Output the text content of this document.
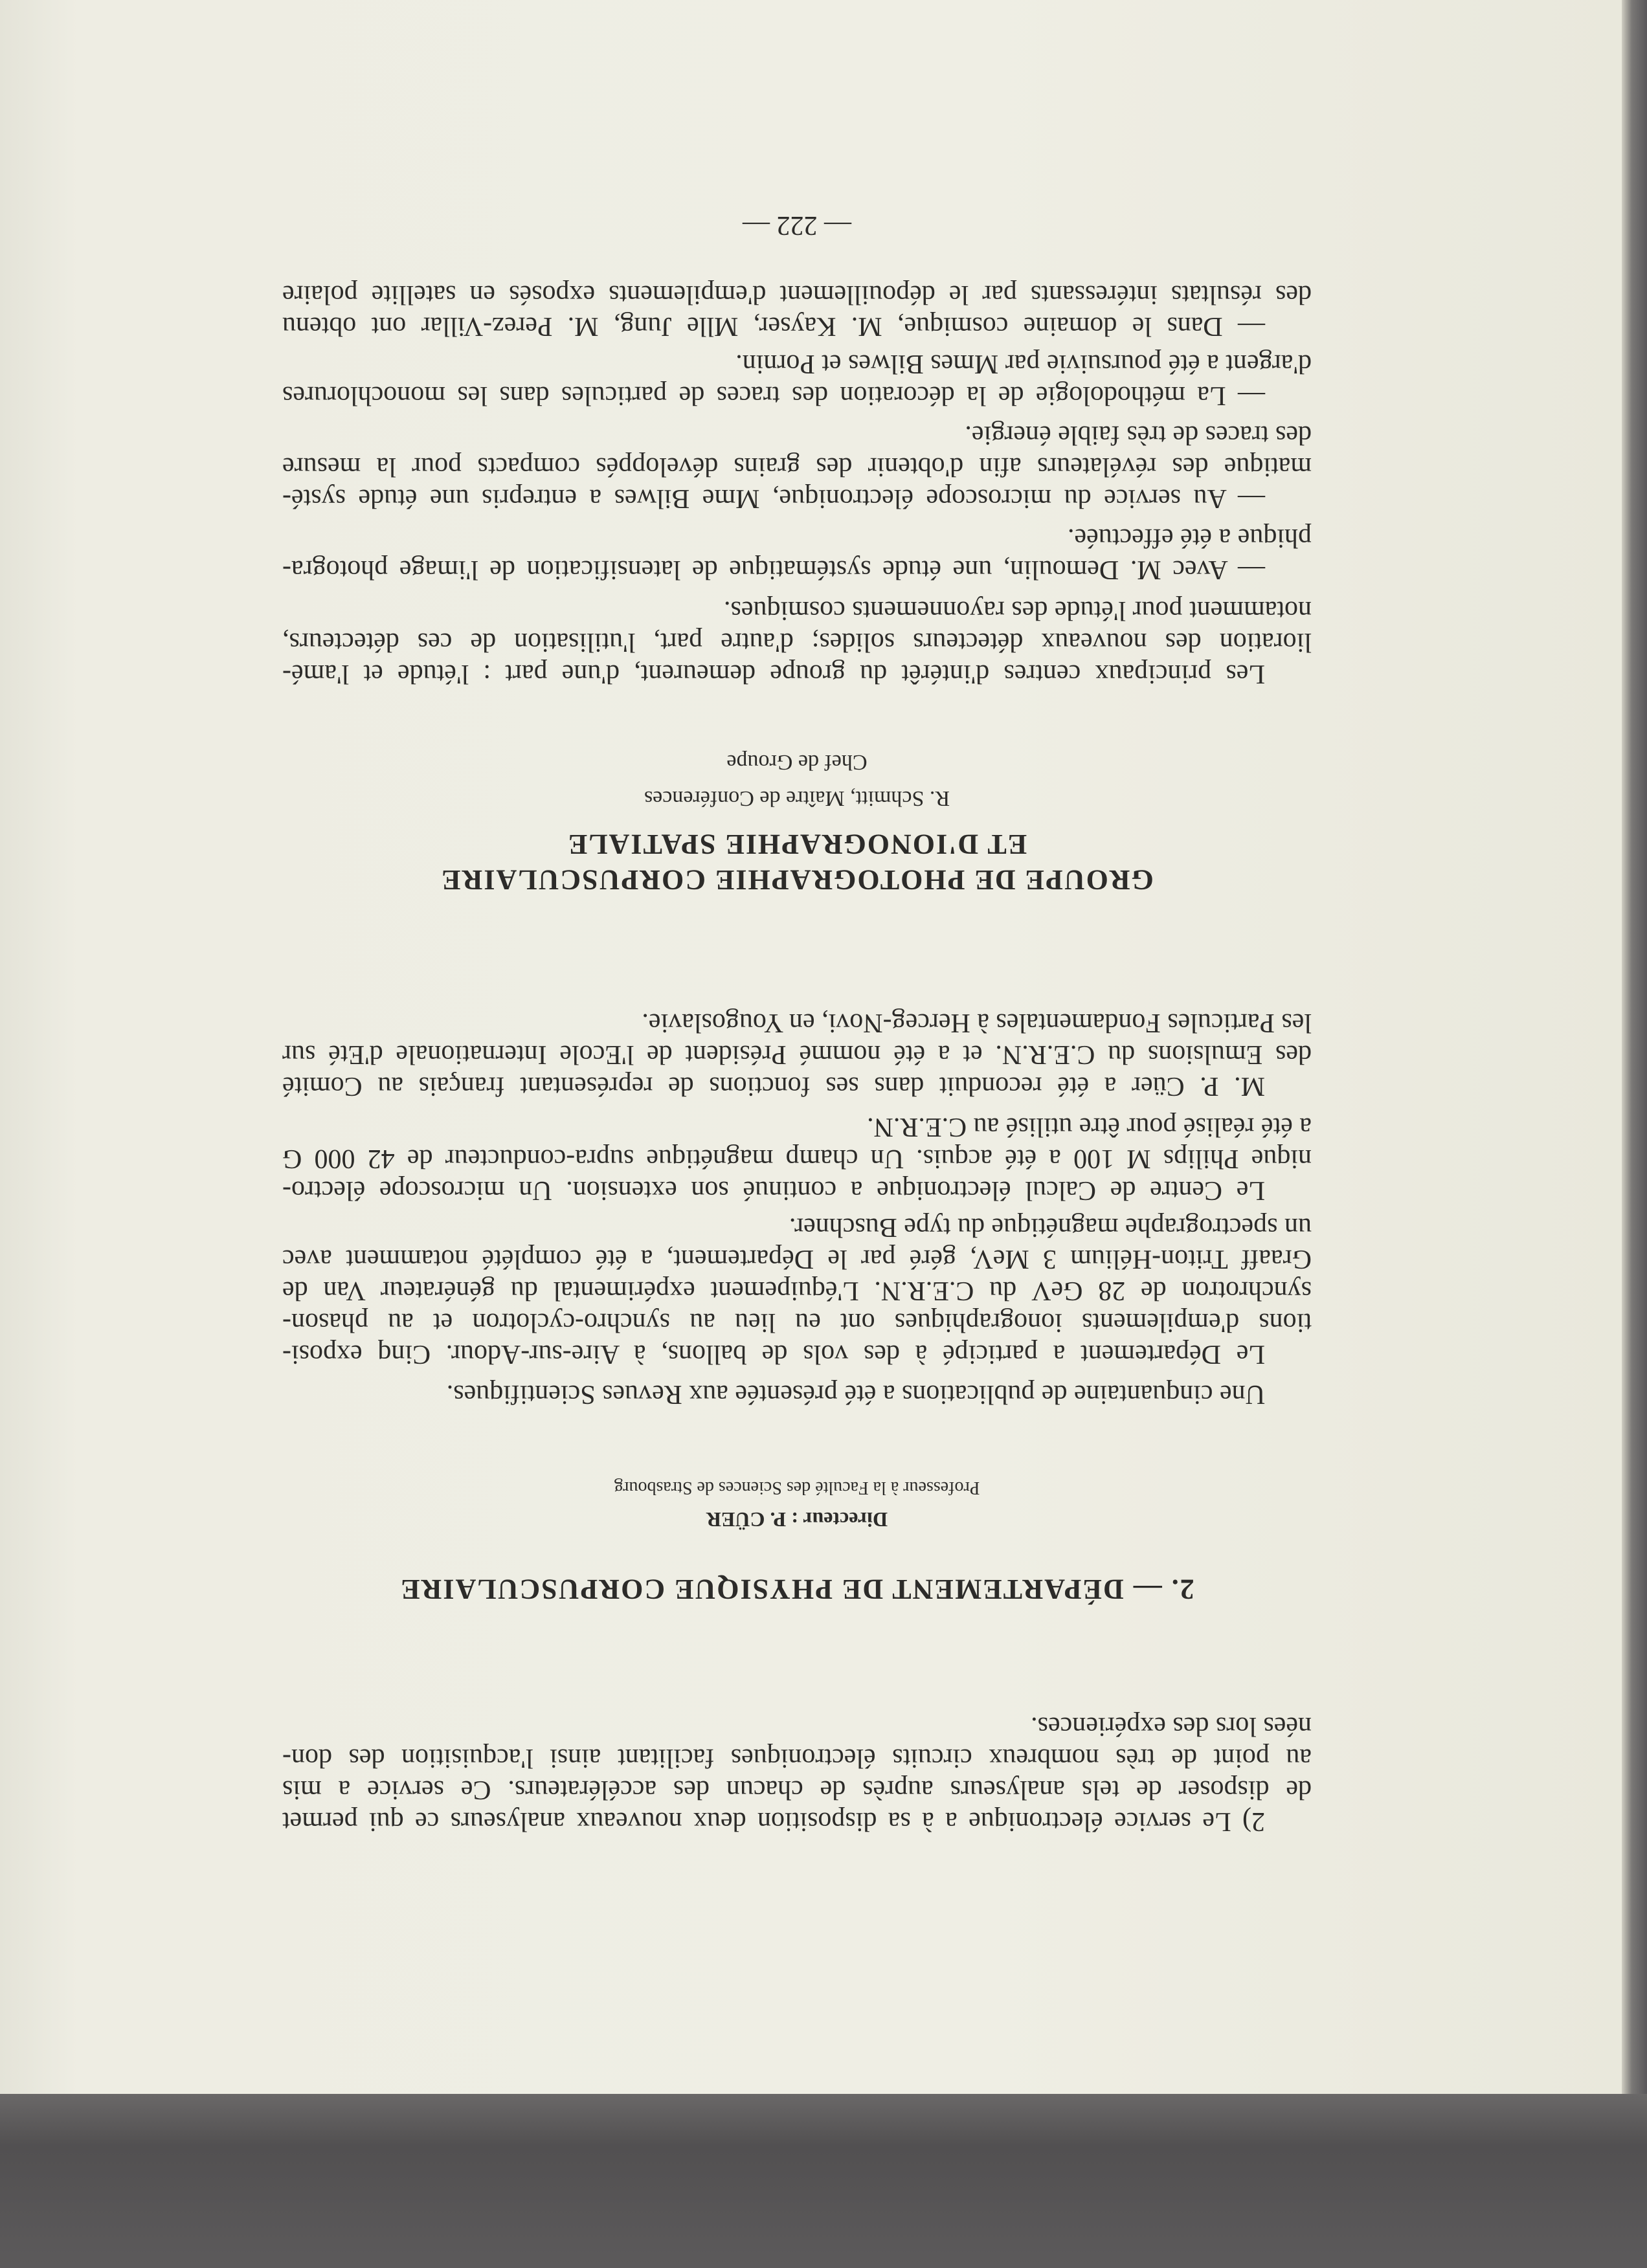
2) Le service électronique a à sa disposition deux nouveaux analyseurs ce qui permet
de disposer de tels analyseurs auprès de chacun des accélérateurs. Ce service a mis
au point de très nombreux circuits électroniques facilitant ainsi l'acquisition des don-
nées lors des expériences.
2. — DÉPARTEMENT DE PHYSIQUE CORPUSCULAIRE
Directeur : P. CÜER
Professeur à la Faculté des Sciences de Strasbourg
Une cinquantaine de publications a été présentée aux Revues Scientifiques.
Le Département a participé à des vols de ballons, à Aire-sur-Adour. Cinq exposi-
tions d'empilements ionographiques ont eu lieu au synchro-cyclotron et au phason-
synchrotron de 28 GeV du C.E.R.N. L'équipement expérimental du générateur Van de
Graaff Triton-Hélium 3 MeV, géré par le Département, a été complété notamment avec
un spectrographe magnétique du type Buschner.
Le Centre de Calcul électronique a continué son extension. Un microscope électro-
nique Philips M 100 a été acquis. Un champ magnétique supra-conducteur de 42 000 G
a été réalisé pour être utilisé au C.E.R.N.
M. P. Cüer a été reconduit dans ses fonctions de représentant français au Comité
des Emulsions du C.E.R.N. et a été nommé Président de l'Ecole Internationale d'Eté sur
les Particules Fondamentales à Herceg-Novi, en Yougoslavie.
GROUPE DE PHOTOGRAPHIE CORPUSCULAIRE
ET D'IONOGRAPHIE SPATIALE
R. Schmitt, Maître de Conférences
Chef de Groupe
Les principaux centres d'intérêt du groupe demeurent, d'une part : l'étude et l'amé-
lioration des nouveaux détecteurs solides; d'autre part, l'utilisation de ces détecteurs,
notamment pour l'étude des rayonnements cosmiques.
— Avec M. Demoulin, une étude systématique de latensification de l'image photogra-
phique a été effectuée.
— Au service du microscope électronique, Mme Bilwes a entrepris une étude systé-
matique des révélateurs afin d'obtenir des grains développés compacts pour la mesure
des traces de très faible énergie.
— La méthodologie de la décoration des traces de particules dans les monochlorures
d'argent a été poursuivie par Mmes Bilwes et Pornin.
— Dans le domaine cosmique, M. Kayser, Mlle Jung, M. Perez-Villar ont obtenu
des résultats intéressants par le dépouillement d'empilements exposés en satellite polaire
— 222 —
